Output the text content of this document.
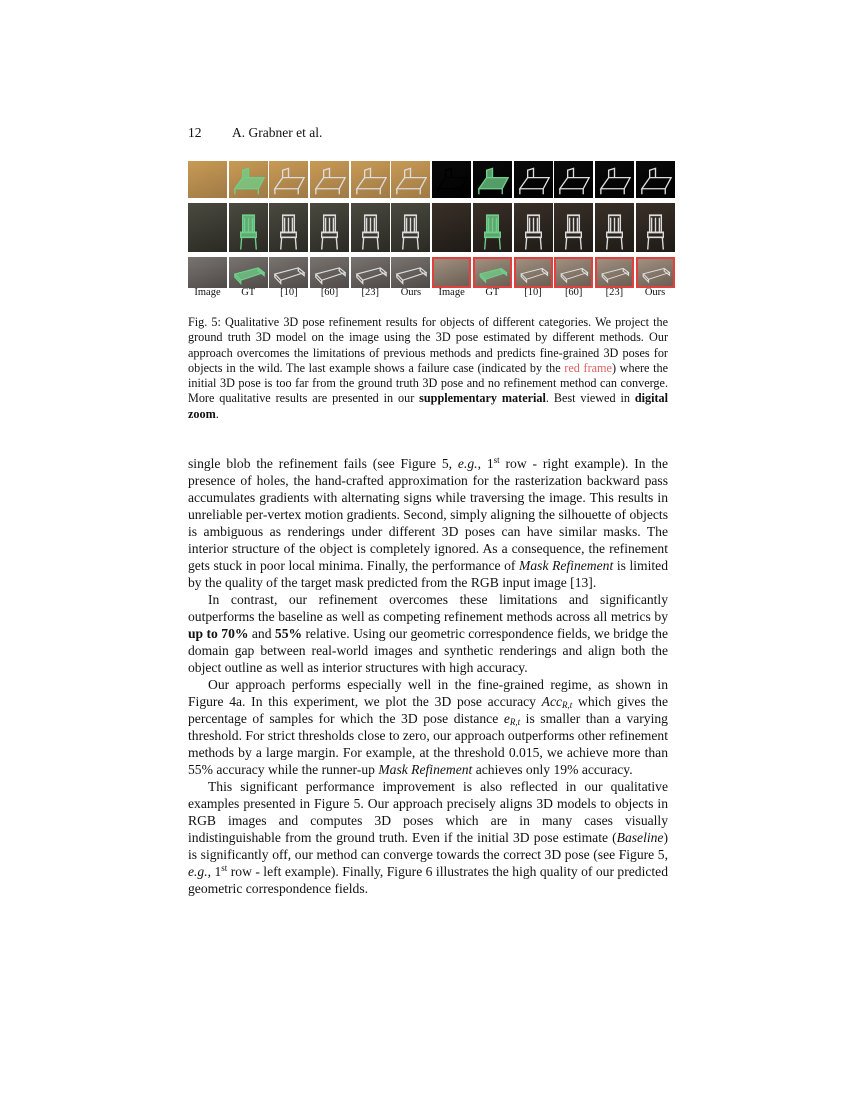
12 A. Grabner et al.
Image	GT	[10]	[60]	[23]	Ours	Image	GT	[10]	[60]	[23]	Ours
Fig. 5: Qualitative 3D pose refinement results for objects of different categories. We project the ground truth 3D model on the image using the 3D pose estimated by different methods. Our approach overcomes the limitations of previous methods and predicts fine-grained 3D poses for objects in the wild. The last example shows a failure case (indicated by the red frame) where the initial 3D pose is too far from the ground truth 3D pose and no refinement method can converge. More qualitative results are presented in our supplementary material. Best viewed in digital zoom.

single blob the refinement fails (see Figure 5, e.g., 1st row - right example). In the presence of holes, the hand-crafted approximation for the rasterization backward pass accumulates gradients with alternating signs while traversing the image. This results in unreliable per-vertex motion gradients. Second, simply aligning the silhouette of objects is ambiguous as renderings under different 3D poses can have similar masks. The interior structure of the object is completely ignored. As a consequence, the refinement gets stuck in poor local minima. Finally, the performance of Mask Refinement is limited by the quality of the target mask predicted from the RGB input image [13].

In contrast, our refinement overcomes these limitations and significantly outperforms the baseline as well as competing refinement methods across all metrics by up to 70% and 55% relative. Using our geometric correspondence fields, we bridge the domain gap between real-world images and synthetic renderings and align both the object outline as well as interior structures with high accuracy.

Our approach performs especially well in the fine-grained regime, as shown in Figure 4a. In this experiment, we plot the 3D pose accuracy Acc$_{R,t}$ which gives the percentage of samples for which the 3D pose distance $e_{R,t}$ is smaller than a varying threshold. For strict thresholds close to zero, our approach outperforms other refinement methods by a large margin. For example, at the threshold 0.015, we achieve more than 55% accuracy while the runner-up Mask Refinement achieves only 19% accuracy.

This significant performance improvement is also reflected in our qualitative examples presented in Figure 5. Our approach precisely aligns 3D models to objects in RGB images and computes 3D poses which are in many cases visually indistinguishable from the ground truth. Even if the initial 3D pose estimate (Baseline) is significantly off, our method can converge towards the correct 3D pose (see Figure 5, e.g., 1st row - left example). Finally, Figure 6 illustrates the high quality of our predicted geometric correspondence fields.
